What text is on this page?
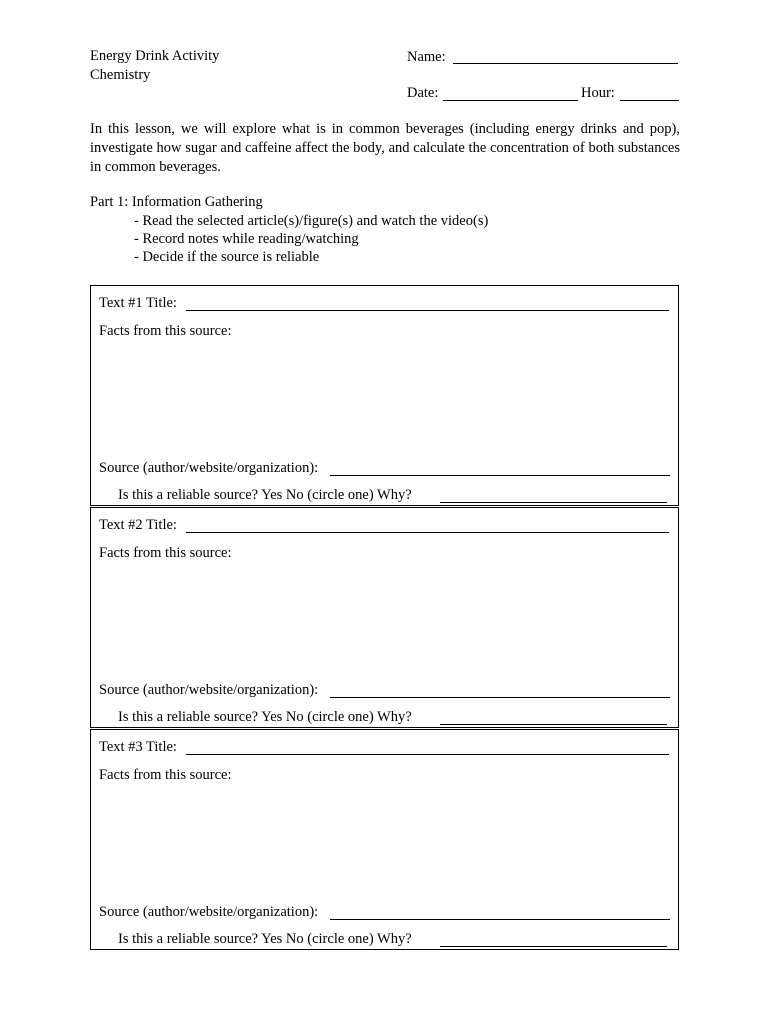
Energy Drink Activity
Chemistry
Name:
Date:	Hour:
In this lesson, we will explore what is in common beverages (including energy drinks and pop), investigate how sugar and caffeine affect the body, and calculate the concentration of both substances in common beverages.
Part 1: Information Gathering
- Read the selected article(s)/figure(s) and watch the video(s)
- Record notes while reading/watching
- Decide if the source is reliable
Text #1 Title:
Facts from this source:
Source (author/website/organization):
Is this a reliable source? Yes No (circle one) Why?
Text #2 Title:
Facts from this source:
Source (author/website/organization):
Is this a reliable source? Yes No (circle one) Why?
Text #3 Title:
Facts from this source:
Source (author/website/organization):
Is this a reliable source? Yes No (circle one) Why?
